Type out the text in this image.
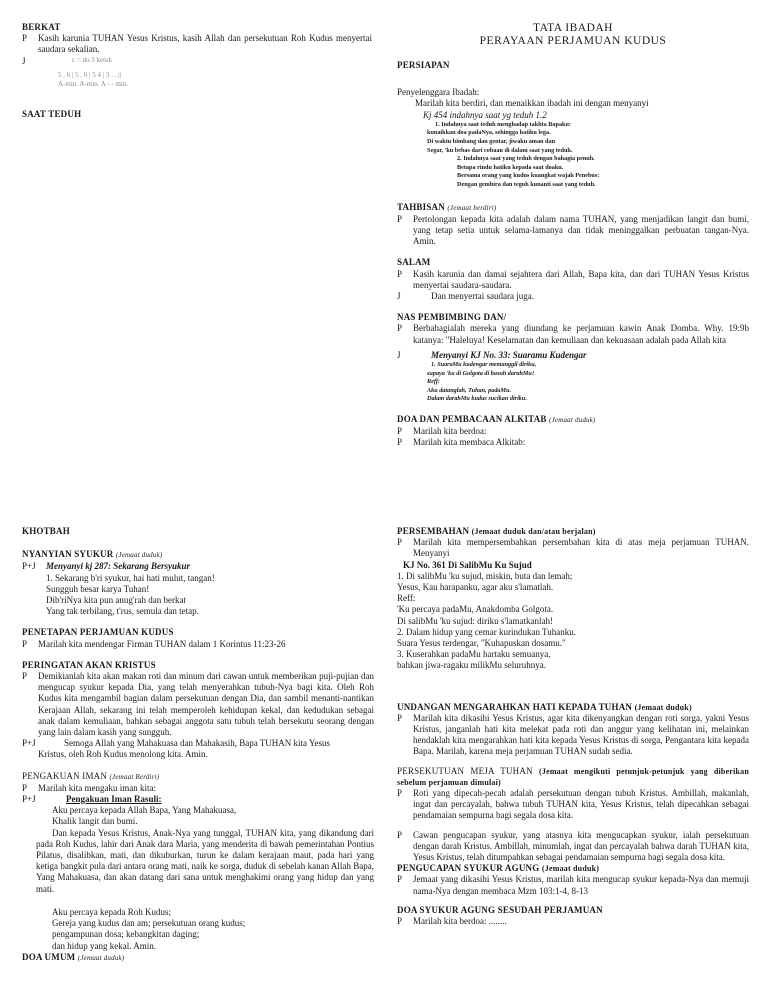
BERKAT
P	Kasih karunia TUHAN Yesus Kristus, kasih Allah dan persekutuan Roh Kudus menyertai saudara sekalian.
J	c = do 3 ketuk
5 . 6 | 5 . 6 | 5 4 | 3 . . ||
A-min. A-min. A - - min.
SAAT TEDUH
TATA IBADAH
PERAYAAN PERJAMUAN KUDUS
PERSIAPAN
Penyelenggara Ibadah:
Marilah kita berdiri, dan menaikkan ibadah ini dengan menyanyi
Kj 454 indahnya saat yg teduh 1.2
1. Indahnya saat teduh menghadap takhta Bapaku:
kunaikkan doa padaNya, sehingga hatiku lega.
Di waktu bimbang dan gentar, jiwaku aman dan
Segar, 'ku bebas dari cobaan di dalam saat yang teduh.
2. Indahnya saat yang teduh dengan bahagia penuh.
Betapa rindu hatiku kepada saat doaku.
Bersama orang yang kudus kuangkat wajah Penebus:
Dengan gembira dan teguh kunanti saat yang teduh.
TAHBISAN (Jemaat berdiri)
P	Pertolongan kepada kita adalah dalam nama TUHAN, yang menjadikan langit dan bumi, yang tetap setia untuk selama-lamanya dan tidak meninggalkan perbuatan tangan-Nya. Amin.
SALAM
P	Kasih karunia dan damai sejahtera dari Allah, Bapa kita, dan dari TUHAN Yesus Kristus menyertai saudara-saudara.
J	Dan menyertai saudara juga.
NAS PEMBIMBING DAN/
P	Berbahagialah mereka yang diundang ke perjamuan kawin Anak Domba. Why. 19:9b katanya: "Haleluya! Keselamatan dan kemuliaan dan kekuasaan adalah pada Allah kita
J	Menyanyi KJ No. 33: Suaramu Kudengar
1. SuaraMu kudengar memanggil diriku,
supaya 'ku di Golgota di basuh darahMu!
Reff:
Aku datanglah, Tuhan, padaMu.
Dalam darahMu kudus sucikan diriku.
DOA DAN PEMBACAAN ALKITAB (Jemaat duduk)
P	Marilah kita berdoa:
P	Marilah kita membaca Alkitab:
KHOTBAH
NYANYIAN SYUKUR (Jemaat duduk)
P+J	Menyanyi kj 287: Sekarang Bersyukur
1. Sekarang b'ri syukur, hai hati mulut, tangan!
Sungguh besar karya Tuhan!
Dib'riNya kita pun anug'rah dan berkat
Yang tak terbilang, t'rus, semula dan tetap.
PENETAPAN PERJAMUAN KUDUS
P	Marilah kita mendengar Firman TUHAN dalam 1 Korintus 11:23-26
PERINGATAN AKAN KRISTUS
P	Demikianlah kita akan makan roti dan minum dari cawan untuk memberikan puji-pujian dan mengucap syukur kepada Dia, yang telah menyerahkan tubuh-Nya bagi kita. Oleh Roh Kudus kita mengambil bagian dalam persekutuan dengan Dia, dan sambil menanti-nantikan Kerajaan Allah, sekarang ini telah memperoleh kehidupan kekal, dan kedudukan sebagai anak dalam kemuliaan, bahkan sebagai anggota satu tubuh telah bersekutu seorang dengan yang lain dalam kasih yang sungguh.
P+J	Semoga Allah yang Mahakuasa dan Mahakasih, Bapa TUHAN kita Yesus
Kristus, oleh Roh Kudus menolong kita. Amin.
PENGAKUAN IMAN (Jemaat Berdiri)
P	Marilah kita mengaku iman kita:
P+J	Pengakuan Iman Rasuli:
Aku percaya kepada Allah Bapa, Yang Mahakuasa,
Khalik langit dan bumi.
Dan kepada Yesus Kristus, Anak-Nya yang tunggal, TUHAN kita, yang dikandung dari pada Roh Kudus, lahir dari Anak dara Maria, yang menderita di bawah pemerintahan Pontius Pilatus, disalibkan, mati, dan dikuburkan, turun ke dalam kerajaan maut, pada hari yang ketiga bangkit pula dari antara orang mati, naik ke sorga, duduk di sebelah kanan Allah Bapa, Yang Mahakuasa, dan akan datang dari sana untuk menghakimi orang yang hidup dan yang mati.
Aku percaya kepada Roh Kudus;
Gereja yang kudus dan am; persekutuan orang kudus;
pengampunan dosa; kebangkitan daging;
dan hidup yang kekal. Amin.
DOA UMUM (Jemaat duduk)
PERSEMBAHAN (Jemaat duduk dan/atau berjalan)
P	Marilah kita mempersembahkan persembahan kita di atas meja perjamuan TUHAN. Menyanyi
KJ No. 361 Di SalibMu Ku Sujud
1. Di salibMu 'ku sujud, miskin, buta dan lemah;
Yesus, Kau harapanku, agar aku s'lamatlah.
Reff:
'Ku percaya padaMu, Anakdomba Golgota.
Di salibMu 'ku sujud: diriku s'lamatkanlah!
2. Dalam hidup yang cemar kurindukan Tuhanku.
Suara Yesus terdengar, "Kuhapuskan dosamu."
3. Kuserahkan padaMu hartaku semuanya,
bahkan jiwa-ragaku milikMu seluruhnya.
UNDANGAN MENGARAHKAN HATI KEPADA TUHAN (Jemaat duduk)
P	Marilah kita dikasihi Yesus Kristus, agar kita dikenyangkan dengan roti sorga, yakni Yesus Kristus, janganlah hati kita melekat pada roti dan anggur yang kelihatan ini, melainkan hendaklah kita mengarahkan hati kita kepada Yesus Kristus di sorga, Pengantara kita kepada Bapa. Marilah, karena meja perjamuan TUHAN sudah sedia.
PERSEKUTUAN MEJA TUHAN (Jemaat mengikuti petunjuk-petunjuk yang diberikan sebelum perjamuan dimulai)
P	Roti yang dipecah-pecah adalah persekutuan dengan tubuh Kristus. Ambillah, makanlah, ingat dan percayalah, bahwa tubuh TUHAN kita, Yesus Kristus, telah dipecahkan sebagai pendamaian sempurna bagi segala dosa kita.
P	Cawan pengucapan syukur, yang atasnya kita mengucapkan syukur, ialah persekutuan dengan darah Kristus. Ambillah, minumlah, ingat dan percayalah bahwa darah TUHAN kita, Yesus Kristus, telah ditumpahkan sebagai pendamaian sempurna bagi segala dosa kita.
PENGUCAPAN SYUKUR AGUNG (Jemaat duduk)
P	Jemaat yang dikasihi Yesus Kristus, marilah kita mengucap syukur kepada-Nya dan memuji nama-Nya dengan membaca Mzm 103:1-4, 8-13
DOA SYUKUR AGUNG SESUDAH PERJAMUAN
P	Marilah kita berdoa: ........
